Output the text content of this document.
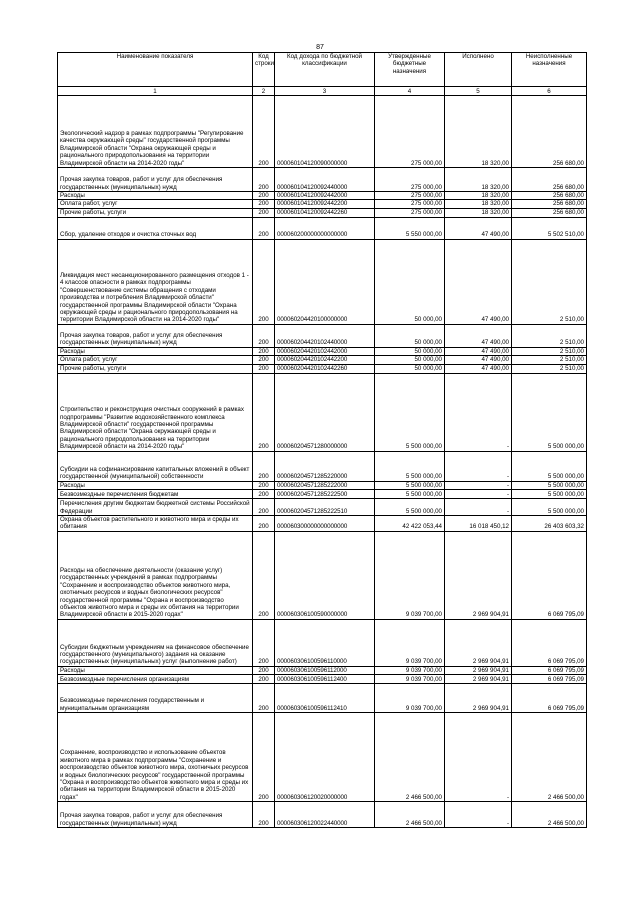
87
Наименование показателя	Код строки	Код дохода по бюджетной классификации	Утвержденные бюджетные назначения	Исполнено	Неисполненные назначения
1	2	3	4	5	6
Экологический надзор в рамках подпрограммы "Регулирование качества окружающей среды" государственной программы Владимирской области "Охрана окружающей среды и рационального природопользования на территории Владимирской области на 2014-2020 годы"	200	000060104120090000000	275 000,00	18 320,00	256 680,00
Прочая закупка товаров, работ и услуг для обеспечения государственных (муниципальных) нужд	200	000060104120092440000	275 000,00	18 320,00	256 680,00
Расходы	200	000060104120092442000	275 000,00	18 320,00	256 680,00
Оплата работ, услуг	200	000060104120092442200	275 000,00	18 320,00	256 680,00
Прочие работы, услуги	200	000060104120092442260	275 000,00	18 320,00	256 680,00
Сбор, удаление отходов и очистка сточных вод	200	000060200000000000000	5 550 000,00	47 490,00	5 502 510,00
Ликвидация мест несанкционированного размещения отходов 1 - 4 классов опасности в рамках подпрограммы "Совершенствование системы обращения с отходами производства и потребления Владимирской области" государственной программы Владимирской области "Охрана окружающей среды и рационального природопользования на территории Владимирской области на 2014-2020 годы"	200	000060204420100000000	50 000,00	47 490,00	2 510,00
Прочая закупка товаров, работ и услуг для обеспечения государственных (муниципальных) нужд	200	000060204420102440000	50 000,00	47 490,00	2 510,00
Расходы	200	000060204420102442000	50 000,00	47 490,00	2 510,00
Оплата работ, услуг	200	000060204420102442200	50 000,00	47 490,00	2 510,00
Прочие работы, услуги	200	000060204420102442260	50 000,00	47 490,00	2 510,00
Строительство и реконструкция очистных сооружений в рамках подпрограммы "Развитие водохозяйственного комплекса Владимирской области" государственной программы Владимирской области "Охрана окружающей среды и рационального природопользования на территории Владимирской области на 2014-2020 годы"	200	000060204571280000000	5 500 000,00	-	5 500 000,00
Субсидии на софинансирование капитальных вложений в объект государственной (муниципальной) собственности	200	000060204571285220000	5 500 000,00	-	5 500 000,00
Расходы	200	000060204571285222000	5 500 000,00	-	5 500 000,00
Безвозмездные перечисления бюджетам	200	000060204571285222500	5 500 000,00	-	5 500 000,00
Перечисления другим бюджетам бюджетной системы Российской Федерации	200	000060204571285222510	5 500 000,00	-	5 500 000,00
Охрана объектов растительного и животного мира и среды их обитания	200	000060300000000000000	42 422 053,44	16 018 450,12	26 403 603,32
Расходы на обеспечение деятельности (оказание услуг) государственных учреждений в рамках подпрограммы "Сохранение и воспроизводство объектов животного мира, охотничьих ресурсов и водных биологических ресурсов" государственной программы "Охрана и воспроизводство объектов животного мира и среды их обитания на территории Владимирской области в 2015-2020 годах"	200	000060306100590000000	9 039 700,00	2 969 904,91	6 069 795,09
Субсидии бюджетным учреждениям на финансовое обеспечение государственного (муниципального) задания на оказание государственных (муниципальных) услуг (выполнение работ)	200	000060306100596110000	9 039 700,00	2 969 904,91	6 069 795,09
Расходы	200	000060306100596112000	9 039 700,00	2 969 904,91	6 069 795,09
Безвозмездные перечисления организациям	200	000060306100596112400	9 039 700,00	2 969 904,91	6 069 795,09
Безвозмездные перечисления государственным и муниципальным организациям	200	000060306100596112410	9 039 700,00	2 969 904,91	6 069 795,09
Сохранение, воспроизводство и использование объектов животного мира в рамках подпрограммы "Сохранение и воспроизводство объектов животного мира, охотничьих ресурсов и водных биологических ресурсов" государственной программы "Охрана и воспроизводство объектов животного мира и среды их обитания на территории Владимирской области в 2015-2020 годах"	200	000060306120020000000	2 466 500,00	-	2 466 500,00
Прочая закупка товаров, работ и услуг для обеспечения государственных (муниципальных) нужд	200	000060306120022440000	2 466 500,00	-	2 466 500,00
